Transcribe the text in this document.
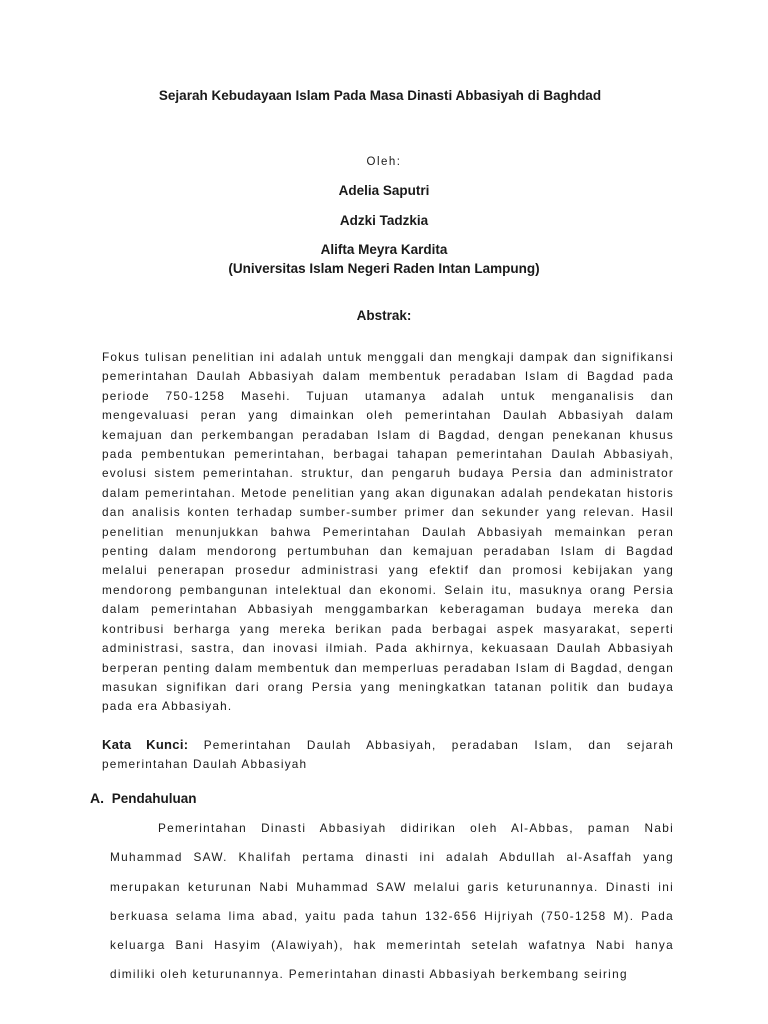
Sejarah Kebudayaan Islam Pada Masa Dinasti Abbasiyah di Baghdad
Oleh:
Adelia Saputri
Adzki Tadzkia
Alifta Meyra Kardita
(Universitas Islam Negeri Raden Intan Lampung)
Abstrak:
Fokus tulisan penelitian ini adalah untuk menggali dan mengkaji dampak dan signifikansi pemerintahan Daulah Abbasiyah dalam membentuk peradaban Islam di Bagdad pada periode 750-1258 Masehi. Tujuan utamanya adalah untuk menganalisis dan mengevaluasi peran yang dimainkan oleh pemerintahan Daulah Abbasiyah dalam kemajuan dan perkembangan peradaban Islam di Bagdad, dengan penekanan khusus pada pembentukan pemerintahan, berbagai tahapan pemerintahan Daulah Abbasiyah, evolusi sistem pemerintahan. struktur, dan pengaruh budaya Persia dan administrator dalam pemerintahan. Metode penelitian yang akan digunakan adalah pendekatan historis dan analisis konten terhadap sumber-sumber primer dan sekunder yang relevan. Hasil penelitian menunjukkan bahwa Pemerintahan Daulah Abbasiyah memainkan peran penting dalam mendorong pertumbuhan dan kemajuan peradaban Islam di Bagdad melalui penerapan prosedur administrasi yang efektif dan promosi kebijakan yang mendorong pembangunan intelektual dan ekonomi. Selain itu, masuknya orang Persia dalam pemerintahan Abbasiyah menggambarkan keberagaman budaya mereka dan kontribusi berharga yang mereka berikan pada berbagai aspek masyarakat, seperti administrasi, sastra, dan inovasi ilmiah. Pada akhirnya, kekuasaan Daulah Abbasiyah berperan penting dalam membentuk dan memperluas peradaban Islam di Bagdad, dengan masukan signifikan dari orang Persia yang meningkatkan tatanan politik dan budaya pada era Abbasiyah.
Kata Kunci: Pemerintahan Daulah Abbasiyah, peradaban Islam, dan sejarah pemerintahan Daulah Abbasiyah
A. Pendahuluan
Pemerintahan Dinasti Abbasiyah didirikan oleh Al-Abbas, paman Nabi Muhammad SAW. Khalifah pertama dinasti ini adalah Abdullah al-Asaffah yang merupakan keturunan Nabi Muhammad SAW melalui garis keturunannya. Dinasti ini berkuasa selama lima abad, yaitu pada tahun 132-656 Hijriyah (750-1258 M). Pada keluarga Bani Hasyim (Alawiyah), hak memerintah setelah wafatnya Nabi hanya dimiliki oleh keturunannya. Pemerintahan dinasti Abbasiyah berkembang seiring
